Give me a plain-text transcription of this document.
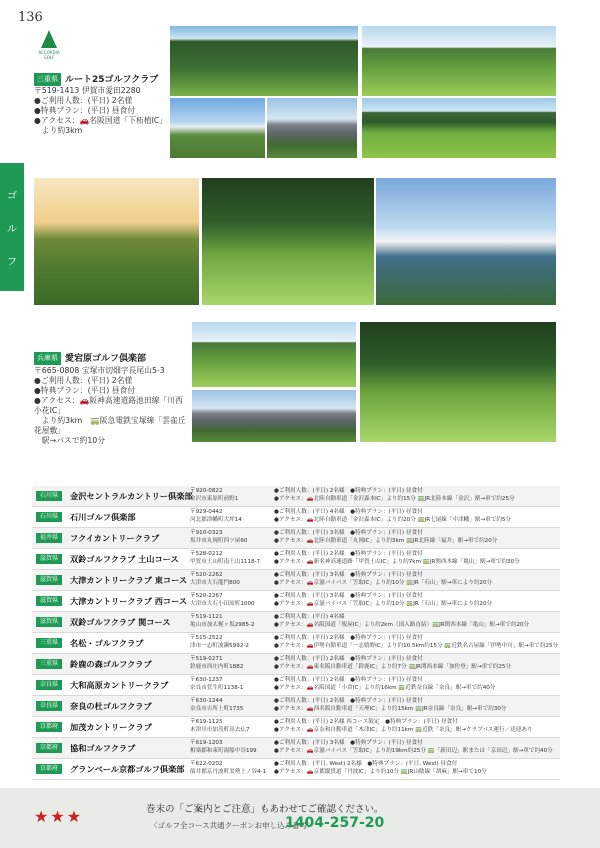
136
ゴ
ル
フ
ACCORDIA GOLF
三重県 ルート25ゴルフクラブ
〒519-1413 伊賀市愛田2280
●ご利用人数：(平日) 2名様
●特典プラン：(平日) 昼食付
●アクセス：🚗名阪国道「下柘植IC」
　より約3km
兵庫県 愛宕原ゴルフ倶楽部
〒665-0808 宝塚市切畑字長尾山5-3
●ご利用人数：(平日) 2名様
●特典プラン：(平日) 昼食付
●アクセス：🚗阪神高速道路池田線「川西小花IC」
　より約3km　🚃阪急電鉄宝塚線「雲雀丘花屋敷」
　駅→バスで約10分
石川県	金沢セントラルカントリー倶楽部
〒920-0822
金沢市東原町前野1
●ご利用人数：(平日) 2名様　●特典プラン：(平日) 昼食付
●アクセス：🚗北陸自動車道「金沢森本IC」より約15分 🚃JR北陸本線「金沢」駅→車で約25分
石川県	石川ゴルフ倶楽部	〒929-0442
河北郡津幡町大坪14
●ご利用人数：(平日) 4名様　●特典プラン：(平日) 昼食付
●アクセス：🚗北陸自動車道「金沢森本IC」より約20分 🚃JR七尾線「中津幡」駅→車で約5分
福井県	フクイカントリークラブ	〒910-0323
坂井市丸岡町四ツ屋60
●ご利用人数：(平日) 3名様　●特典プラン：(平日) 昼食付
●アクセス：🚗北陸自動車道「丸岡IC」より約3km 🚃JR北陸線「福井」駅→車で約20分
滋賀県	双鈴ゴルフクラブ 土山コース 〒528-0212
甲賀市土山町南土山1118-7
●ご利用人数：(平日) 2名様　●特典プラン：(平日) 昼食付
●アクセス：🚗新名神高速道路「甲賀土山IC」より約7km 🚃JR関西本線「亀山」駅→車で約30分
滋賀県	大津カントリークラブ 東コース 〒520-2262
大津市大石龍門800
●ご利用人数：(平日) 3名様　●特典プラン：(平日) 昼食付
●アクセス：🚗京滋バイパス「笠取IC」より約10分 🚃JR「石山」駅→車により約20分
滋賀県	大津カントリークラブ 西コース 〒520-2267
大津市大石小田原町1000
●ご利用人数：(平日) 3名様　●特典プラン：(平日) 昼食付
●アクセス：🚗京滋バイパス「笠取IC」より約10分 🚃JR「石山」駅→車により約20分
滋賀県	双鈴ゴルフクラブ 関コース	〒519-1121
亀山市加太梶ヶ坂2985-2
●ご利用人数：(平日) 4名様
●アクセス：🚗名阪国道「板屋IC」より約2km（国入路直結）🚃JR関西本線「亀山」駅→車で約20分
三重県	名松・ゴルフクラブ	〒515-2522
津市一志町波瀬5992-2
●ご利用人数：(平日) 2名様　●特典プラン：(平日) 昼食付
●アクセス：🚗伊勢自動車道「一志嬉野IC」より約10.5km約15分 🚃近鉄名古屋線「伊勢中川」駅→車で約25分
三重県	鈴鹿の森ゴルフクラブ	〒519-0271
鈴鹿市西庄内町1882
●ご利用人数：(平日) 2名様　●特典プラン：(平日) 昼食付
●アクセス：🚗東名阪自動車道「鈴鹿IC」より約7分 🚃JR関西本線「加佐登」駅→車で約25分
奈良県	大和高原カントリークラブ	〒630-1237
奈良市菅生町1138-1
●ご利用人数：(平日) 2名様　●特典プラン：(平日) 昼食付
●アクセス：🚗名阪国道「小倉IC」より約16km 🚃近鉄奈良線「奈良」駅→車で約40分
奈良県	奈良の杜ゴルフクラブ	〒630-1244
奈良市吉所上町1735
●ご利用人数：(平日) 2名様　●特典プラン：(平日) 昼食付
●アクセス：🚗西名阪自動車道「天理IC」より約15km 🚃JR奈良線「奈良」駅→車で約30分
京都府	加茂カントリークラブ	〒619-1125
木津川市加茂町高去仏7
●ご利用人数：(平日) 2名様 西コース限定　●特典プラン：(平日) 昼食付
●アクセス：🚗京奈和自動車道「木津IC」より約11km 🚃近鉄「奈良」駅→クラブバス運行／送迎あり
京都府	協和ゴルフクラブ	〒619-1203
相楽郡和束町湯船中谷199
●ご利用人数：(平日) 3名様　●特典プラン：(平日) 昼食付
●アクセス：🚗京滋バイパス「笠取IC」より約19km約25分 🚃「新田辺」駅または「京田辺」駅→車で約40分
京都府	グランベール京都ゴルフ倶楽部 〒622-0202
船井郡京丹波町実勢上ノ谷4-1
●ご利用人数：(平日, West) 2名様　●特典プラン：(平日, West) 昼食付
●アクセス：🚗京都縦貫道「丹波IC」より約10分 🚃JR山陰線「胡麻」駅→車で10分
★★★	巻末の「ご案内とご注意」もあわせてご確認ください。
〈ゴルフ全コース共通クーポンお申し込み番号〉
1404-257-20
